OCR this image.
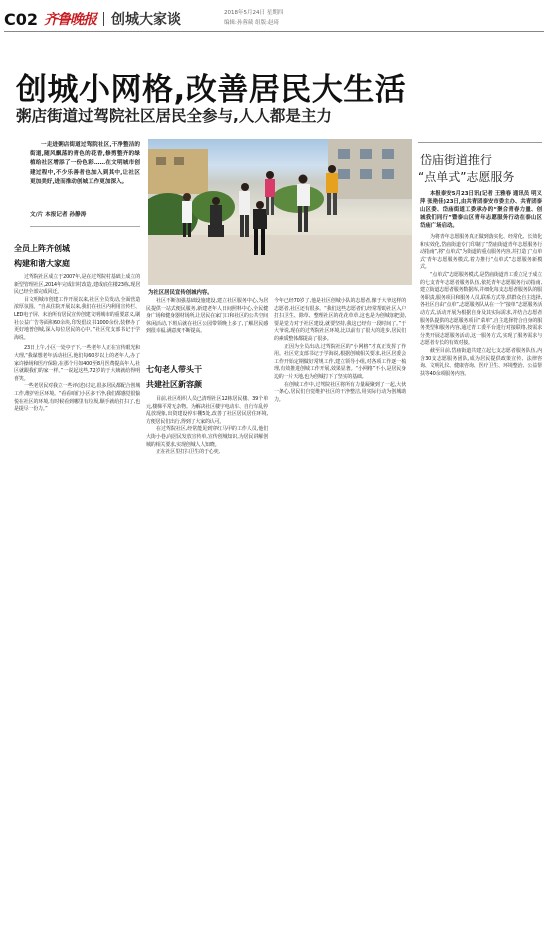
C02 齐鲁晚报 创城大家谈	2018年5月24日 星期四
编辑:孙蓉葳 组版:赵琦
创城小网格,改善居民大生活
粥店街道过驾院社区居民全参与,人人都是主力
一走进粥店街道过驾院社区,干净整洁的街道,随风飘荡的青色的花香,修剪整齐的绿植给社区增添了一份色彩……在文明城市创建过程中,不少乐善者也加入到其中,让社区更加美好,进而推动创城工作更加深入。
文/片 本报记者 孙静涛
为社区居民宣传创城内容。
全员上阵齐创城
构建和谐大家庭

过驾院社区成立于2007年,是在过驾院村基础上成立的新型管理社区,2014年完成旧村改造,建成底住楼23栋,现居民已经全部完成回迁。

目文明城市创建工作开展以来,社区全员发动,全面营造浓厚氛围。“自从住院开展以来,我们在社区内利用宣传栏、LED电子屏、未治所有居民宣传创建文明城市的重要意义,刷社公益广告等面积60余块,印发倡议书1000余份,装修办了更好地普创城,深入每位居民的心中。”社区党支部书记于学海说。

23日上午,小区一处亭子下,一些老年人正在宣传眼光和大理,“我谋想老年活动社区,他们每60岁以上的老年人,办了家许操场和医疗保险,在那个月如400至8月医费提高年人,社区就跟我们的家一样。”一说起这些,72岁的于大姨就给得明喜笑。

一些老居民对我立一些评(述)讨定,很多居民都配合创城工作,维护社区环境。“看看咱们小区多干净,我们都感觉很愉悦在社区的环境,有时候看到哪里有垃圾,顺手就给打扫了,也是提尽一份力。”

社区不断加强基础设施建设,建立社区服务中心,为居民提供一站式便民服务,新建老年人日间照料中心,全民健身广场和健身器材场所,让居民在家门口和社区的公共空间休闲活动,下班后就在社区公园带领晚上多了,了解居民感到很幸福,满意度不断提高。

七旬老人带头干
共建社区新容颜

目前,社区组织人员已清理社区12栋居民楼、39个单元,楼梯平常无杂物。为解决社区楼宇电动车、自行车乱停乱放现象,出资建设停车棚5处,改善了社区居民居住环境,方便居民们出行,得到了大家的认可。

在过驾院社区,经常能见到穿红马甲的工作人员,他们大街小巷,向居民发放宣传单,宣传创城知识,为居民讲解创城的相关要求,实现创城人人知晓。

正在社区里打扫卫生的于心奕,

今年已经70岁了,他是社区创城小队的志愿者,像于大爷这样的志愿者,社区还有很多。“我们这些志愿者们,经常帮助社区入户打扫卫生、除草、整理社区的花花草草,这也是为创城加把劲,要是觉力对于社区建设,就要坚持,我这已经有一段时间了。”于大爷说,现在的过驾院社区环境,比以前有了很大的进步,居民们的素质整体都提高了很多。

正因为全员出动,过驾院社区的“小网格”才真正发挥了作用。社区党支部书记于学海说,根据创城相关要求,社区居委会工作开始定期做好常规工作,建立领导小组,对各项工作逐一梳理,有效推进创城工作开展,效果显著。“小网格”不小,是居民身边的一片天地,也为创城打下了坚实的基础。

在创城工作中,过驾院社区将所有力量凝聚到了一起,大伙一条心,居民们自觉维护社区的干净整洁,用实际行动为创城助力。

岱庙街道推行
“点单式”志愿服务

本报泰安5月23日讯(记者 王雅春 通讯员 明义萍 张艳佳)23日,由共青团泰安市委主办、共青团泰山区委、岱庙街道工委承办的“聚合青春力量、创城我们同行”暨泰山区青年志愿服务行动在泰山区岱庙广场启动。

为将青年志愿服务真正做到落实化、经常化、长效化和实效化,岱庙街道专门印制了“岱庙街道青年志愿服务行动指南”,将“点单式”为街道的重点服务内容,并打造了‘点单式’青年志愿服务模式,着力推行“点单式”志愿服务新模式。

“点单式”志愿服务模式,是岱庙街道青工委立足于成立的七支青年志愿者服务队伍,依托青年志愿服务行动指南,建立街道志愿者服务数据库,并细化每支志愿者服务队的服务职责,服务项目和服务人员,联系方式等,供群众自主选择,各社区自由“点单”,志愿服务队从在一个“接单”志愿服务活动方式,活动开展为根据自身及其实际需求,并结合志愿者服务队提供的志愿服务项目“菜单”,自主选择符合自身的服务类型和服务内容,通过青工委平台进行对接联络,按需求分类开展志愿服务活动,这一服务方式,实现了服务需求与志愿者专长的有效对接。

截至目前,岱庙街道共建立起七支志愿者服务队伍,内含30支志愿服务团队,成为居民提供政策宣传、法律咨询、文明礼仪、健康咨询、医疗卫生、环境整治、公益帮扶等40余项服务内容。
